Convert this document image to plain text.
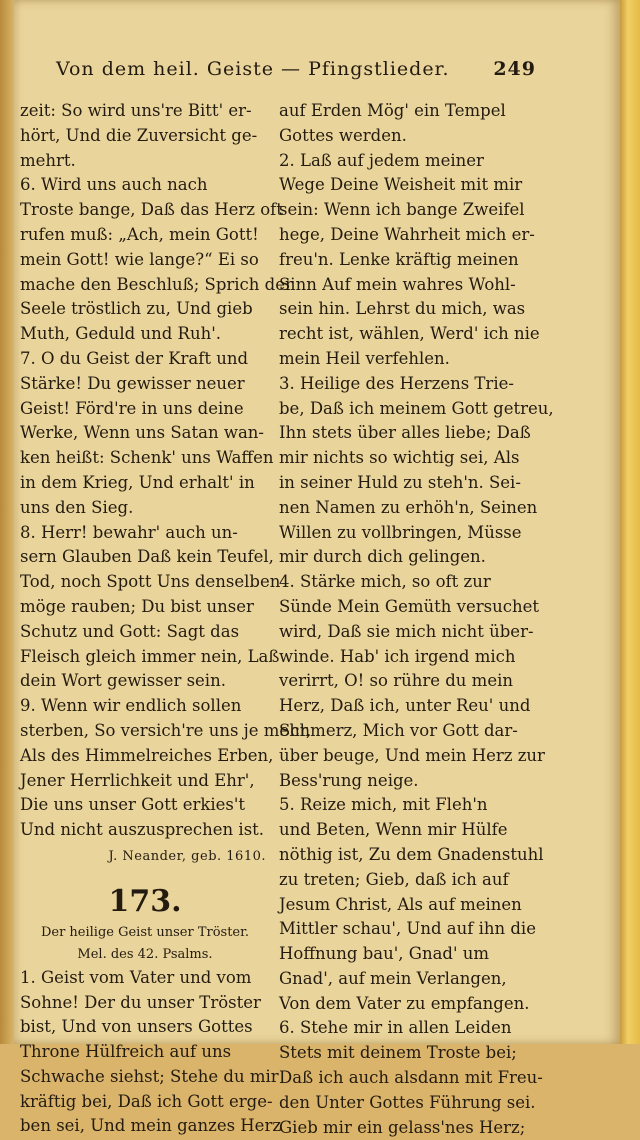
Von dem heil. Geiste — Pfingstlieder. 249
zeit: So wird uns're Bitt' er-
hört, Und die Zuversicht ge-
mehrt.
6. Wird uns auch nach
Troste bange, Daß das Herz oft
rufen muß: „Ach, mein Gott!
mein Gott! wie lange?“ Ei so
mache den Beschluß; Sprich der
Seele tröstlich zu, Und gieb
Muth, Geduld und Ruh'.
7. O du Geist der Kraft und
Stärke! Du gewisser neuer
Geist! Förd're in uns deine
Werke, Wenn uns Satan wan-
ken heißt: Schenk' uns Waffen
in dem Krieg, Und erhalt' in
uns den Sieg.
8. Herr! bewahr' auch un-
sern Glauben Daß kein Teufel,
Tod, noch Spott Uns denselben
möge rauben; Du bist unser
Schutz und Gott: Sagt das
Fleisch gleich immer nein, Laß
dein Wort gewisser sein.
9. Wenn wir endlich sollen
sterben, So versich're uns je mehr,
Als des Himmelreiches Erben,
Jener Herrlichkeit und Ehr',
Die uns unser Gott erkies't
Und nicht auszusprechen ist.
J. Neander, geb. 1610.
173.
Der heilige Geist unser Tröster.
Mel. des 42. Psalms.
1. Geist vom Vater und vom
Sohne! Der du unser Tröster
bist, Und von unsers Gottes
Throne Hülfreich auf uns
Schwache siehst; Stehe du mir
kräftig bei, Daß ich Gott erge-
ben sei, Und mein ganzes Herz
auf Erden Mög' ein Tempel
Gottes werden.
2. Laß auf jedem meiner
Wege Deine Weisheit mit mir
sein: Wenn ich bange Zweifel
hege, Deine Wahrheit mich er-
freu'n. Lenke kräftig meinen
Sinn Auf mein wahres Wohl-
sein hin. Lehrst du mich, was
recht ist, wählen, Werd' ich nie
mein Heil verfehlen.
3. Heilige des Herzens Trie-
be, Daß ich meinem Gott getreu,
Ihn stets über alles liebe; Daß
mir nichts so wichtig sei, Als
in seiner Huld zu steh'n. Sei-
nen Namen zu erhöh'n, Seinen
Willen zu vollbringen, Müsse
mir durch dich gelingen.
4. Stärke mich, so oft zur
Sünde Mein Gemüth versuchet
wird, Daß sie mich nicht über-
winde. Hab' ich irgend mich
verirrt, O! so rühre du mein
Herz, Daß ich, unter Reu' und
Schmerz, Mich vor Gott dar-
über beuge, Und mein Herz zur
Bess'rung neige.
5. Reize mich, mit Fleh'n
und Beten, Wenn mir Hülfe
nöthig ist, Zu dem Gnadenstuhl
zu treten; Gieb, daß ich auf
Jesum Christ, Als auf meinen
Mittler schau', Und auf ihn die
Hoffnung bau', Gnad' um
Gnad', auf mein Verlangen,
Von dem Vater zu empfangen.
6. Stehe mir in allen Leiden
Stets mit deinem Troste bei;
Daß ich auch alsdann mit Freu-
den Unter Gottes Führung sei.
Gieb mir ein gelass'nes Herz;
